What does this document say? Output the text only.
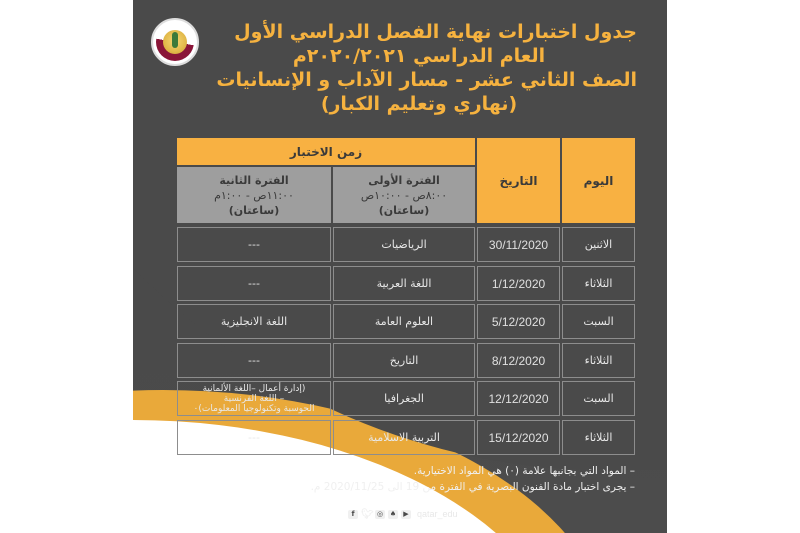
جدول اختبارات نهاية الفصل الدراسي الأول
العام الدراسي ٢٠٢٠/٢٠٢١م
الصف الثاني عشر - مسار الآداب و الإنسانيات
(نهاري وتعليم الكبار)
اليوم
التاريخ
زمن الاختبار
الفترة الأولى
٨:٠٠ص - ١٠:٠٠ص
(ساعتان)
الفترة الثانية
١١:٠٠ص - ١:٠٠م
(ساعتان)
الاثنين
30/11/2020
الرياضيات
---
الثلاثاء
1/12/2020
اللغة العربية
---
السبت
5/12/2020
العلوم العامة
اللغة الانجليزية
الثلاثاء
8/12/2020
التاريخ
---
السبت
12/12/2020
الجغرافيا
(إدارة أعمال –اللغة الألمانية
– اللغة الفرنسية
الحوسبة وتكنولوجيا المعلومات)٠
الثلاثاء
15/12/2020
التربية الاسلامية
---
– المواد التي بجانبها علامة (٠) هي المواد الاختيارية.
– يجرى اختبار مادة الفنون البصرية في الفترة من 19 الى 2020/11/25 م.
f 🐦︎ ◎ ♠	▶ qatar_edu
